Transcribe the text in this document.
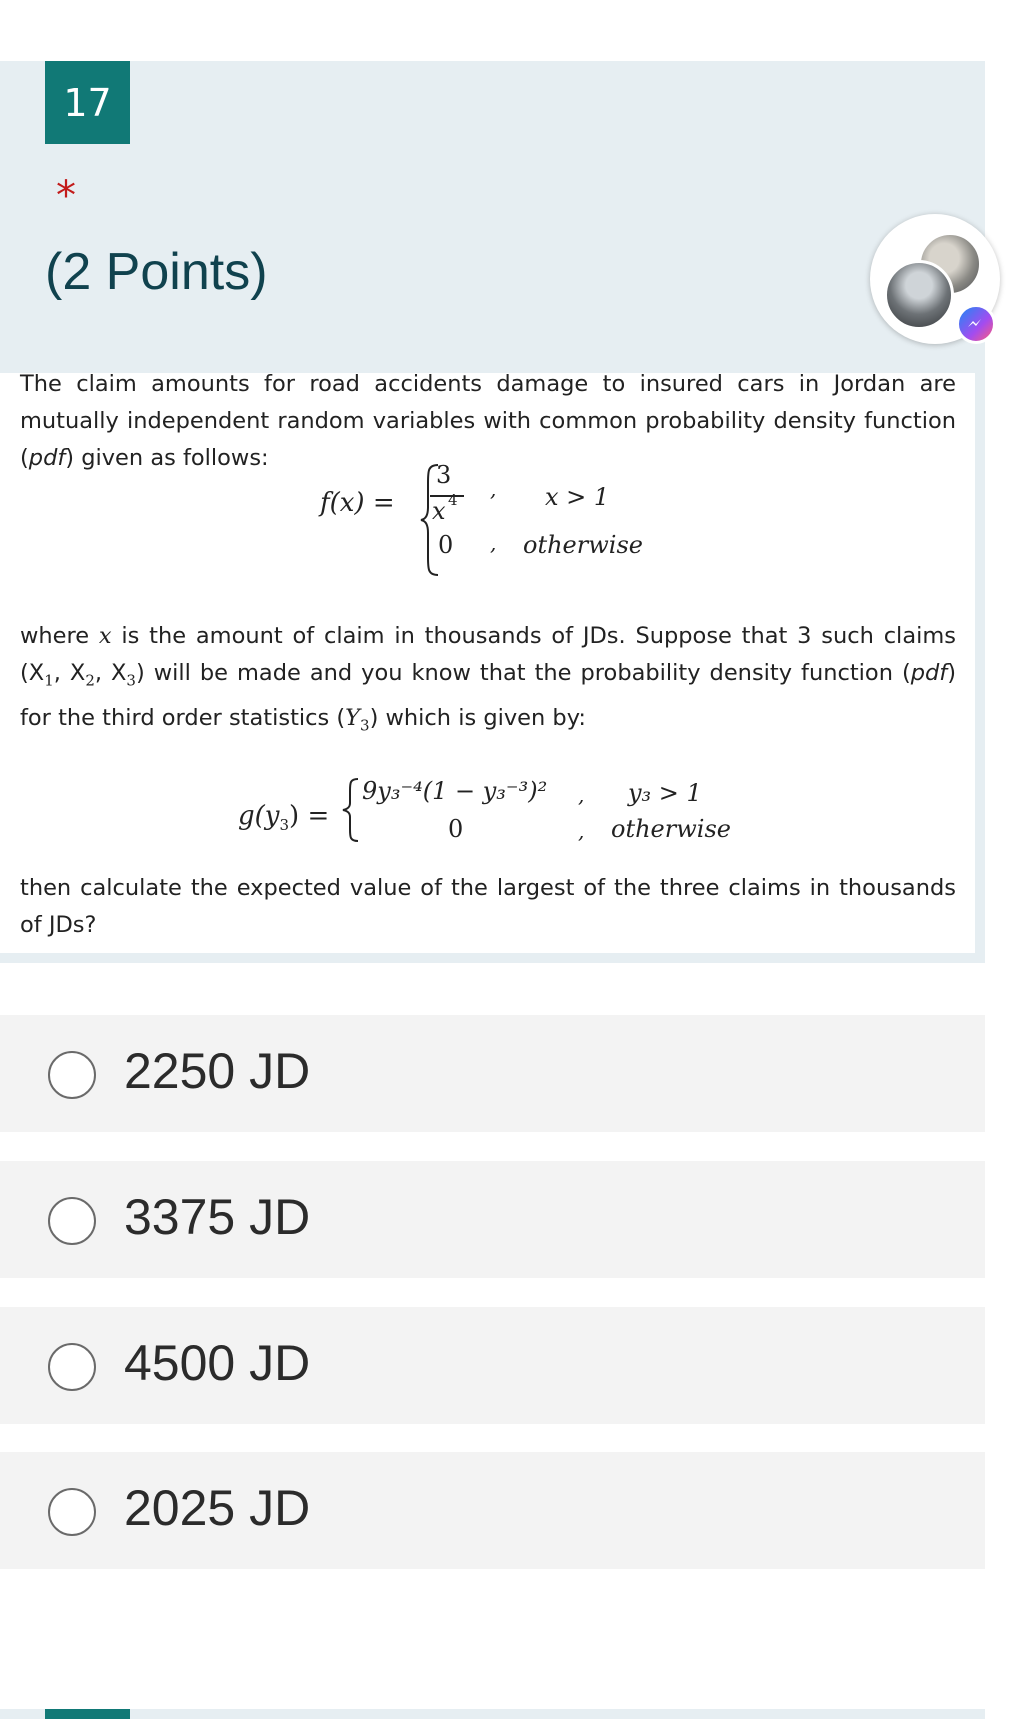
17
*
(2 Points)
The claim amounts for road accidents damage to insured cars in Jordan are mutually independent random variables with common probability density function (pdf) given as follows:
f(x) =
3
x 4
0
,
,
x > 1
otherwise
where x is the amount of claim in thousands of JDs. Suppose that 3 such claims ($X_1$, $X_2$, $X_3$) will be made and you know that the probability density function (pdf) for the third order statistics $(Y_3)$ which is given by:
$g(y_3)$ =
9y₃⁻⁴(1 − y₃⁻³)²
0
,
,
y₃ > 1
otherwise
then calculate the expected value of the largest of the three claims in thousands of JDs?
2250 JD
3375 JD
4500 JD
2025 JD
